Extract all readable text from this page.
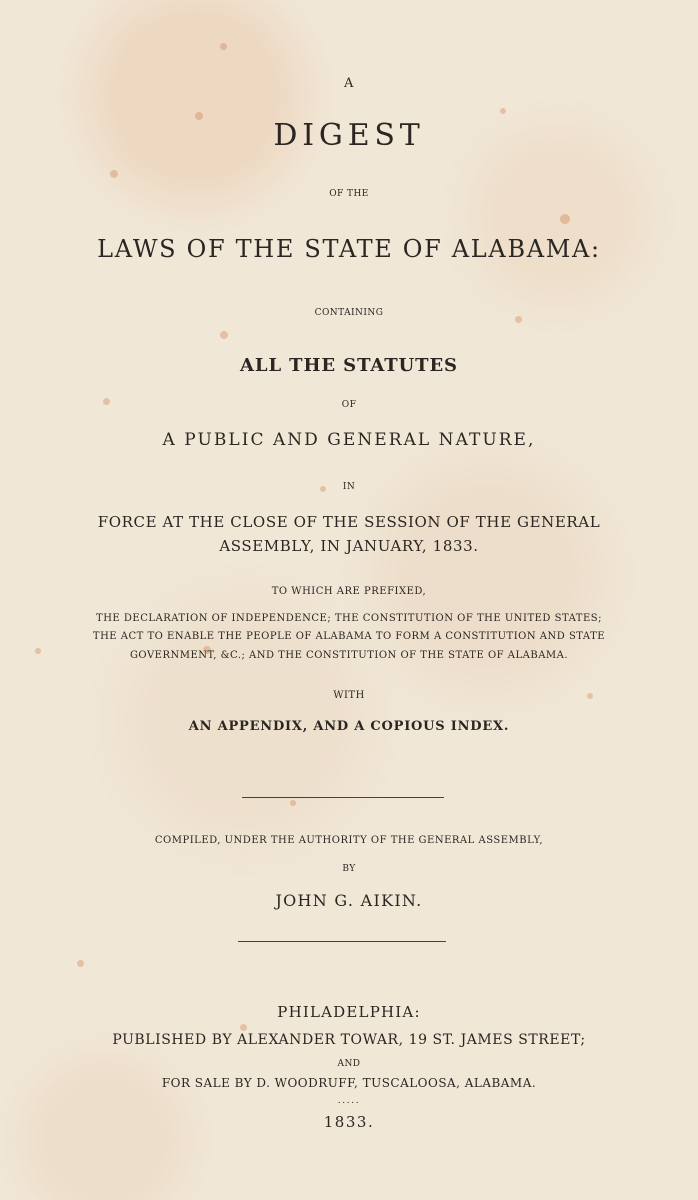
A
DIGEST
OF THE
LAWS OF THE STATE OF ALABAMA:
CONTAINING
ALL THE STATUTES
OF
A PUBLIC AND GENERAL NATURE,
IN
FORCE AT THE CLOSE OF THE SESSION OF THE GENERAL
ASSEMBLY, IN JANUARY, 1833.
TO WHICH ARE PREFIXED,
THE DECLARATION OF INDEPENDENCE; THE CONSTITUTION OF THE UNITED STATES;
THE ACT TO ENABLE THE PEOPLE OF ALABAMA TO FORM A CONSTITUTION AND STATE
GOVERNMENT, &C.; AND THE CONSTITUTION OF THE STATE OF ALABAMA.
WITH
AN APPENDIX, AND A COPIOUS INDEX.
COMPILED, UNDER THE AUTHORITY OF THE GENERAL ASSEMBLY,
BY
JOHN G. AIKIN.
PHILADELPHIA:
PUBLISHED BY ALEXANDER TOWAR, 19 ST. JAMES STREET;
AND
FOR SALE BY D. WOODRUFF, TUSCALOOSA, ALABAMA.
.....
1833.
